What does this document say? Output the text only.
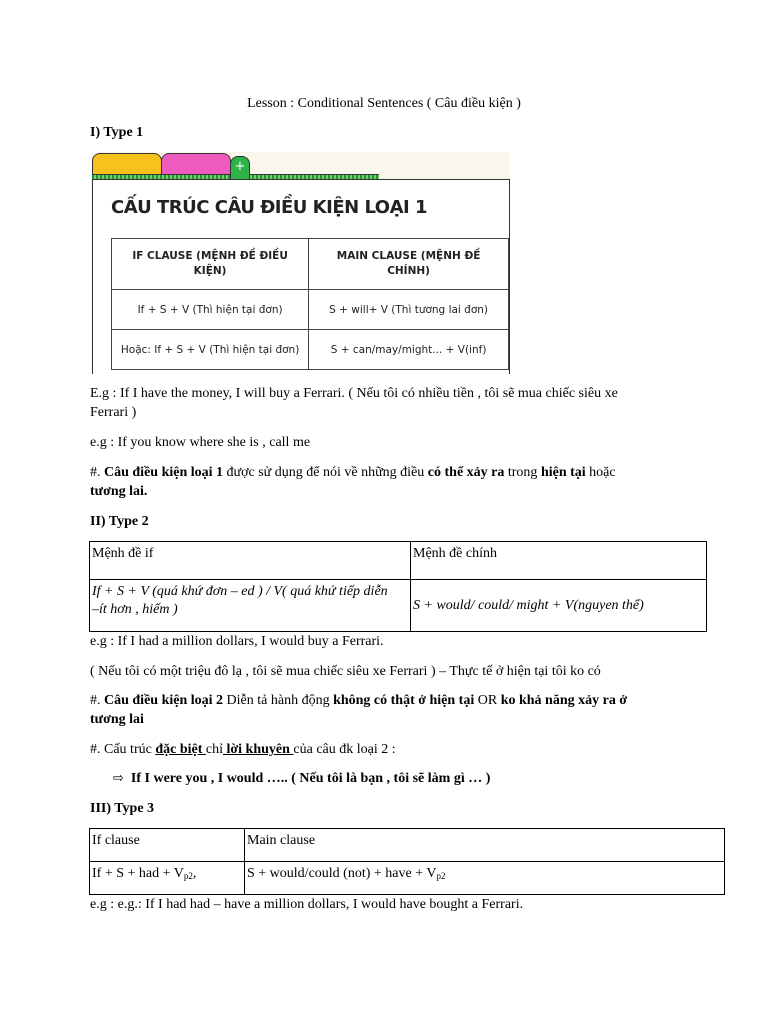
Lesson : Conditional Sentences ( Câu điều kiện )
I) Type 1
+
CẤU TRÚC CÂU ĐIỀU KIỆN LOẠI 1
IF CLAUSE (MỆNH ĐỀ ĐIỀU KIỆN)	MAIN CLAUSE (MỆNH ĐỀ CHÍNH)
If + S + V (Thì hiện tại đơn)	S + will+ V (Thì tương lai đơn)
Hoặc: If + S + V (Thì hiện tại đơn)	S + can/may/might... + V(inf)
E.g : If I have the money, I will buy a Ferrari. ( Nếu tôi có nhiều tiền , tôi sẽ mua chiếc siêu xe
Ferrari )
e.g : If you know where she is , call me
#. Câu điều kiện loại 1 được sử dụng để nói về những điều có thể xảy ra trong hiện tại hoặc
tương lai.
II) Type 2
Mệnh đề if	Mệnh đề chính
If + S + V (quá khứ đơn – ed ) / V( quá khứ tiếp diễn
–ít hơn , hiếm )	S + would/ could/ might + V(nguyen thể)
e.g : If I had a million dollars, I would buy a Ferrari.
( Nếu tôi có một triệu đô lạ , tôi sẽ mua chiếc siêu xe Ferrari ) – Thực tế ở hiện tại tôi ko có
#. Câu điều kiện loại 2 Diễn tả hành động không có thật ở hiện tại OR ko khả năng xảy ra ở
tương lai
#. Cấu trúc đặc biệt chỉ lời khuyên của câu đk loại 2 :
⇨ If I were you , I would ….. ( Nếu tôi là bạn , tôi sẽ làm gì … )
III) Type 3
If clause	Main clause
If + S + had + $V_{p2}$,	S + would/could (not) + have + $V_{p2}$
e.g : e.g.: If I had had – have a million dollars, I would have bought a Ferrari.
